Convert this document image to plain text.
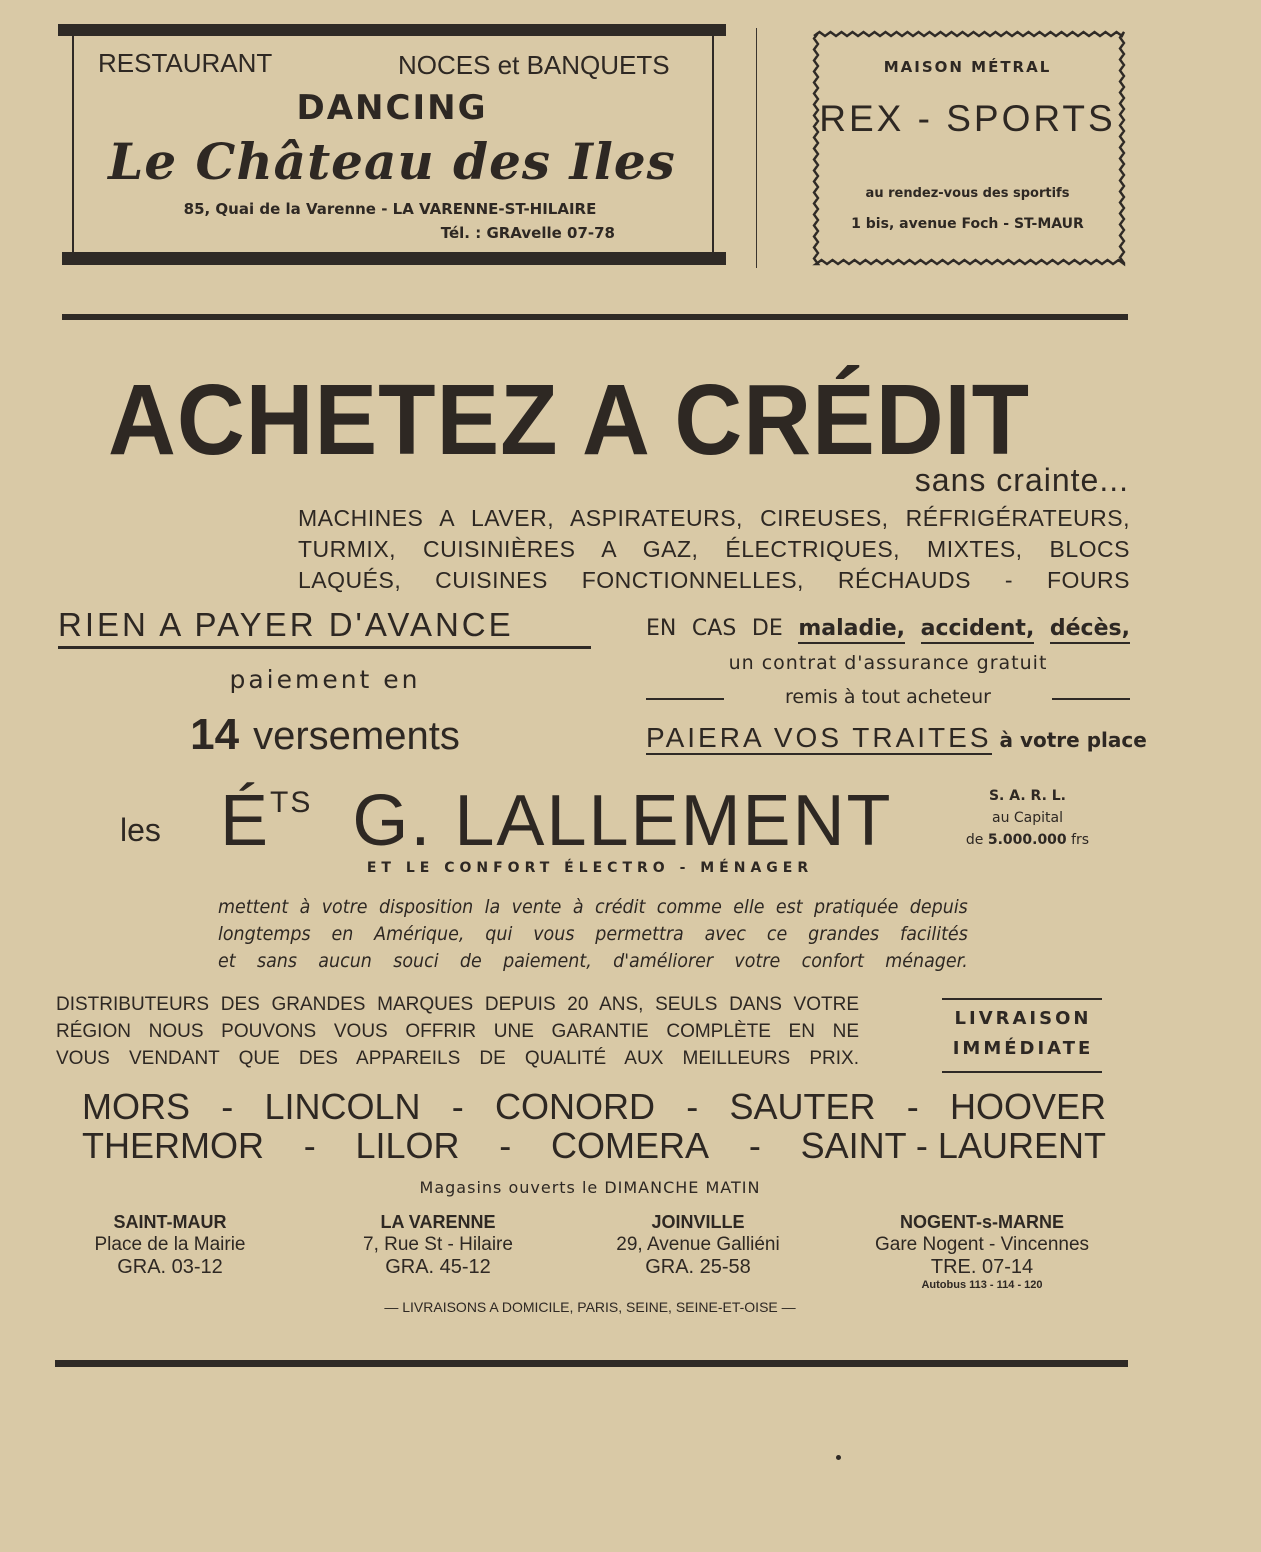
RESTAURANT	NOCES et BANQUETS
DANCING
Le Château des Iles
85, Quai de la Varenne - LA VARENNE-ST-HILAIRE
Tél. : GRAvelle 07-78
MAISON MÉTRAL
REX - SPORTS
au rendez-vous des sportifs
1 bis, avenue Foch - ST-MAUR
ACHETEZ A CRÉDIT
sans crainte...
MACHINES A LAVER, ASPIRATEURS, CIREUSES, RÉFRIGÉRATEURS,
TURMIX, CUISINIÈRES A GAZ, ÉLECTRIQUES, MIXTES, BLOCS
LAQUÉS, CUISINES FONCTIONNELLES, RÉCHAUDS - FOURS
RIEN A PAYER D'AVANCE
paiement en
14 versements
EN CAS DE maladie, accident, décès,
un contrat d'assurance gratuit
remis à tout acheteur
PAIERA VOS TRAITES à votre place
les $É^{TS}$ G. LALLEMENT	S. A. R. L.
au Capital
de 5.000.000 frs
ET LE CONFORT ÉLECTRO - MÉNAGER
mettent à votre disposition la vente à crédit comme elle est pratiquée depuis
longtemps en Amérique, qui vous permettra avec ce grandes facilités
et sans aucun souci de paiement, d'améliorer votre confort ménager.
DISTRIBUTEURS DES GRANDES MARQUES DEPUIS 20 ANS, SEULS DANS VOTRE
RÉGION NOUS POUVONS VOUS OFFRIR UNE GARANTIE COMPLÈTE EN NE
VOUS VENDANT QUE DES APPAREILS DE QUALITÉ AUX MEILLEURS PRIX.
LIVRAISON
IMMÉDIATE
MORS - LINCOLN - CONORD - SAUTER - HOOVER
THERMOR - LILOR - COMERA - SAINT - LAURENT
Magasins ouverts le DIMANCHE MATIN
SAINT-MAUR
Place de la Mairie
GRA. 03-12
LA VARENNE
7, Rue St - Hilaire
GRA. 45-12
JOINVILLE
29, Avenue Galliéni
GRA. 25-58
NOGENT-s-MARNE
Gare Nogent - Vincennes
TRE. 07-14
Autobus 113 - 114 - 120
— LIVRAISONS A DOMICILE, PARIS, SEINE, SEINE-ET-OISE —
